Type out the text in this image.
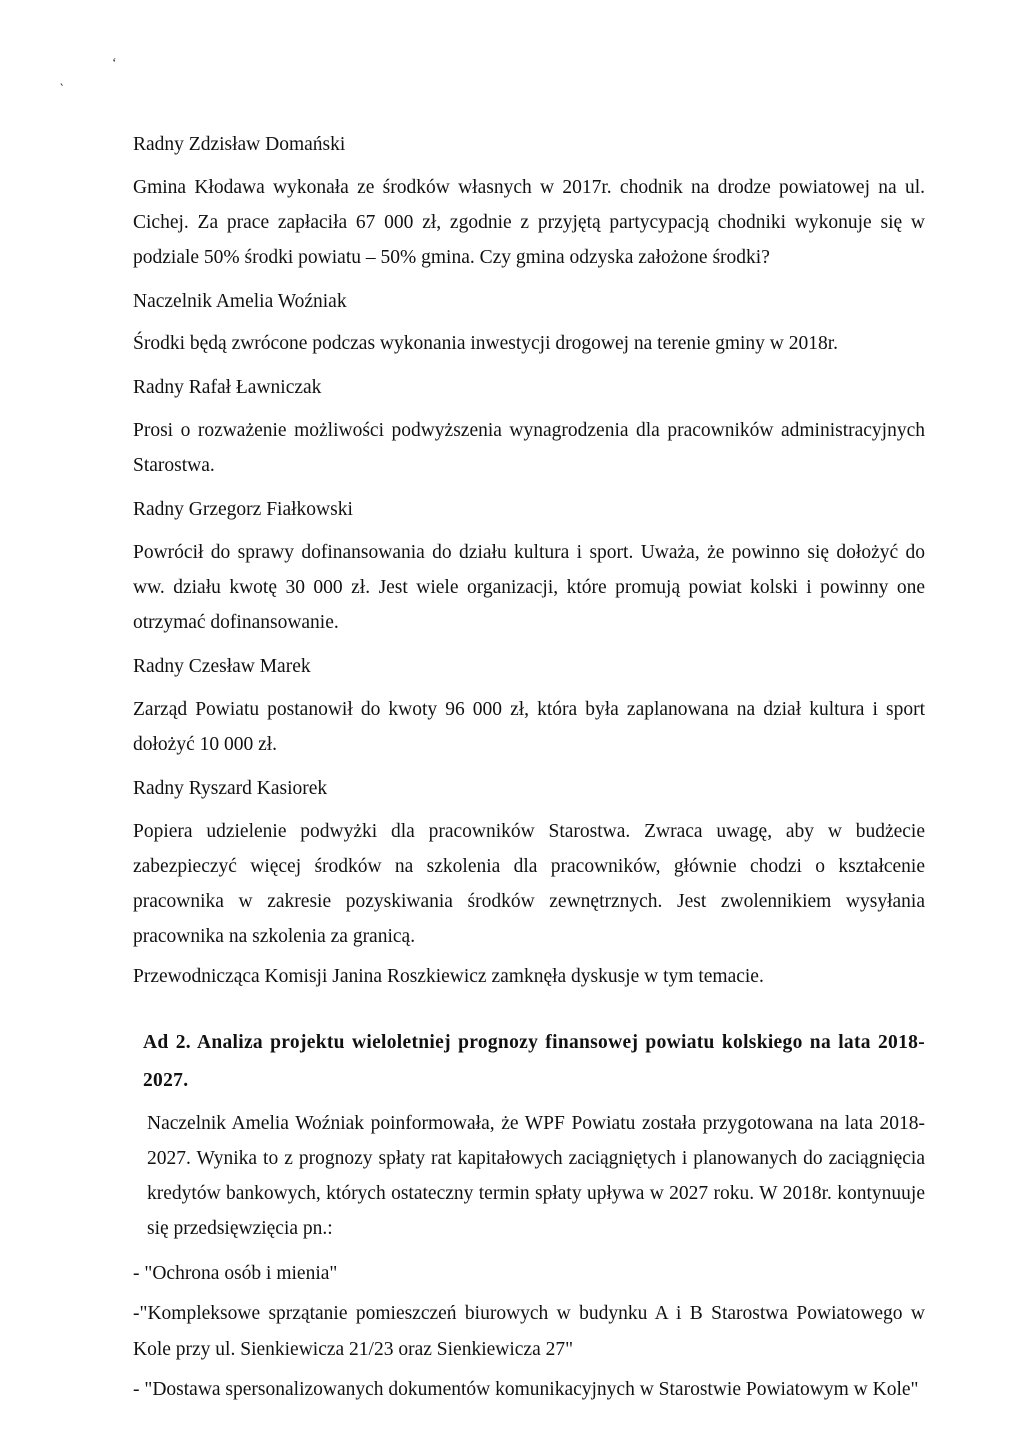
‘
‵

Radny Zdzisław Domański

Gmina Kłodawa wykonała ze środków własnych w 2017r. chodnik na drodze powiatowej na ul. Cichej. Za prace zapłaciła 67 000 zł, zgodnie z przyjętą partycypacją chodniki wykonuje się w podziale 50% środki powiatu – 50% gmina. Czy gmina odzyska założone środki?

Naczelnik Amelia Woźniak

Środki będą zwrócone podczas wykonania inwestycji drogowej na terenie gminy w 2018r.

Radny Rafał Ławniczak

Prosi o rozważenie możliwości podwyższenia wynagrodzenia dla pracowników administracyjnych Starostwa.

Radny Grzegorz Fiałkowski

Powrócił do sprawy dofinansowania do działu kultura i sport. Uważa, że powinno się dołożyć do ww. działu kwotę 30 000 zł. Jest wiele organizacji, które promują powiat kolski i powinny one otrzymać dofinansowanie.

Radny Czesław Marek

Zarząd Powiatu postanowił do kwoty 96 000 zł, która była zaplanowana na dział kultura i sport dołożyć 10 000 zł.

Radny Ryszard Kasiorek

Popiera udzielenie podwyżki dla pracowników Starostwa. Zwraca uwagę, aby w budżecie zabezpieczyć więcej środków na szkolenia dla pracowników, głównie chodzi o kształcenie pracownika w zakresie pozyskiwania środków zewnętrznych. Jest zwolennikiem wysyłania pracownika na szkolenia za granicą.

Przewodnicząca Komisji Janina Roszkiewicz zamknęła dyskusje w tym temacie.

Ad 2. Analiza projektu wieloletniej prognozy finansowej powiatu kolskiego na lata 2018-2027.

Naczelnik Amelia Woźniak poinformowała, że WPF Powiatu została przygotowana na lata 2018-2027. Wynika to z prognozy spłaty rat kapitałowych zaciągniętych i planowanych do zaciągnięcia kredytów bankowych, których ostateczny termin spłaty upływa w 2027 roku. W 2018r. kontynuuje się przedsięwzięcia pn.:

- "Ochrona osób i mienia"

-"Kompleksowe sprzątanie pomieszczeń biurowych w budynku A i B Starostwa Powiatowego w Kole przy ul. Sienkiewicza 21/23 oraz Sienkiewicza 27"

- "Dostawa spersonalizowanych dokumentów komunikacyjnych w Starostwie Powiatowym w Kole"
